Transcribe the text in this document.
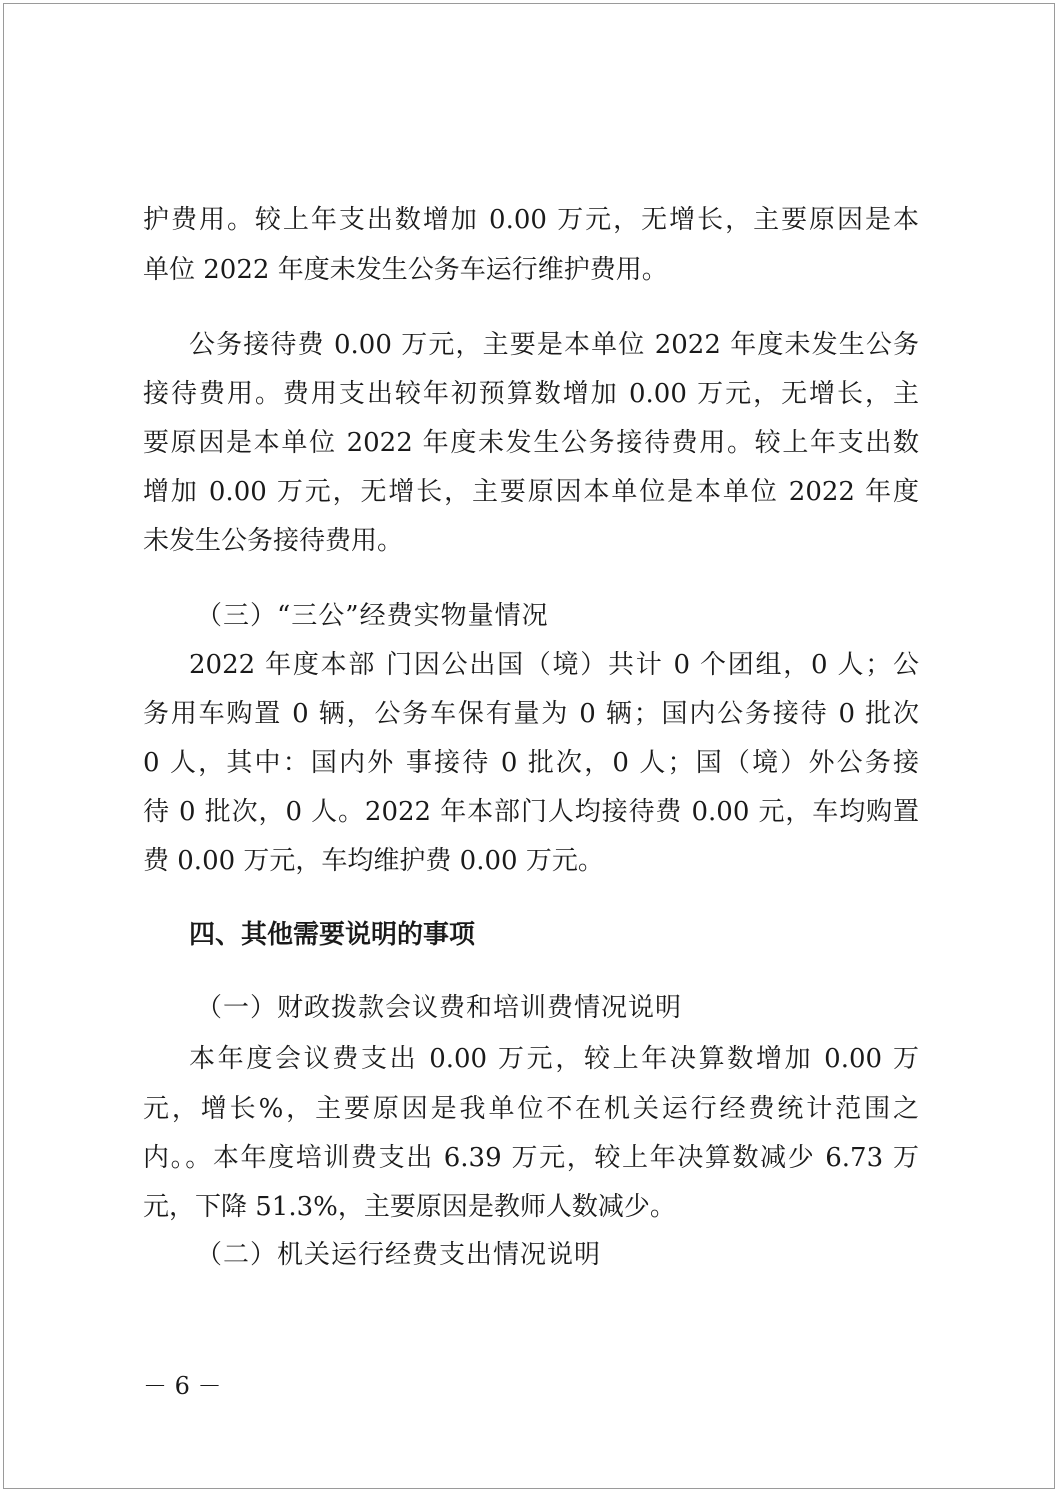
护费用。较上年支出数增加 0.00 万元，无增长，主要原因是本

单位 2022 年度未发生公务车运行维护费用。

公务接待费 0.00 万元，主要是本单位 2022 年度未发生公务

接待费用。费用支出较年初预算数增加 0.00 万元，无增长，主

要原因是本单位 2022 年度未发生公务接待费用。较上年支出数

增加 0.00 万元，无增长，主要原因本单位是本单位 2022 年度

未发生公务接待费用。

（三）“三公”经费实物量情况

2022 年度本部 门因公出国（境）共计 0 个团组，0 人；公

务用车购置 0 辆，公务车保有量为 0 辆；国内公务接待 0 批次

0 人，其中：国内外 事接待 0 批次，0 人；国（境）外公务接

待 0 批次，0 人。2022 年本部门人均接待费 0.00 元，车均购置

费 0.00 万元，车均维护费 0.00 万元。

四、其他需要说明的事项

（一）财政拨款会议费和培训费情况说明

本年度会议费支出 0.00 万元，较上年决算数增加 0.00 万

元，增长%，主要原因是我单位不在机关运行经费统计范围之

内。。本年度培训费支出 6.39 万元，较上年决算数减少 6.73 万

元，下降 51.3%，主要原因是教师人数减少。

（二）机关运行经费支出情况说明

－ 6 －
